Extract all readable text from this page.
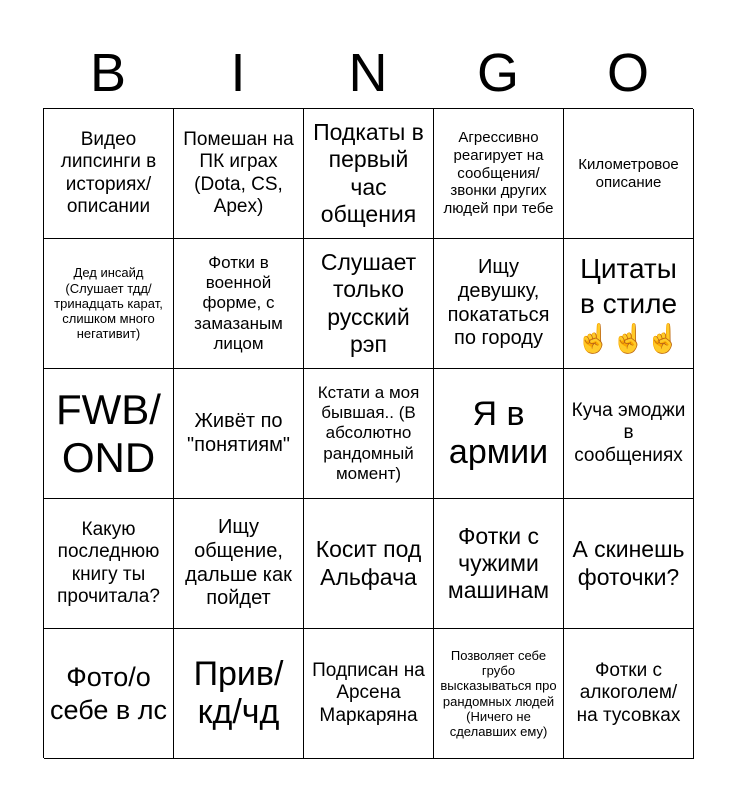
B	I	N	G	O
Видео липсинги в историях/ описании
Помешан на ПК играх (Dota, CS, Apex)
Подкаты в первый час общения
Агрессивно реагирует на сообщения/ звонки других людей при тебе
Километровое описание
Дед инсайд (Слушает тдд/ тринадцать карат, слишком много негативит)
Фотки в военной форме, с замазаным лицом
Слушает только русский рэп
Ищу девушку, покататься по городу
Цитаты в стиле ☝️☝️☝️
FWB/ OND
Живёт по "понятиям"
Кстати а моя бывшая.. (В абсолютно рандомный момент)
Я в армии
Куча эмоджи в сообщениях
Какую последнюю книгу ты прочитала?
Ищу общение, дальше как пойдет
Косит под Альфача
Фотки с чужими машинам
А скинешь фоточки?
Фото/о себе в лс
Прив/ кд/чд
Подписан на Арсена Маркаряна
Позволяет себе грубо высказываться про рандомных людей (Ничего не сделавших ему)
Фотки с алкоголем/ на тусовках
